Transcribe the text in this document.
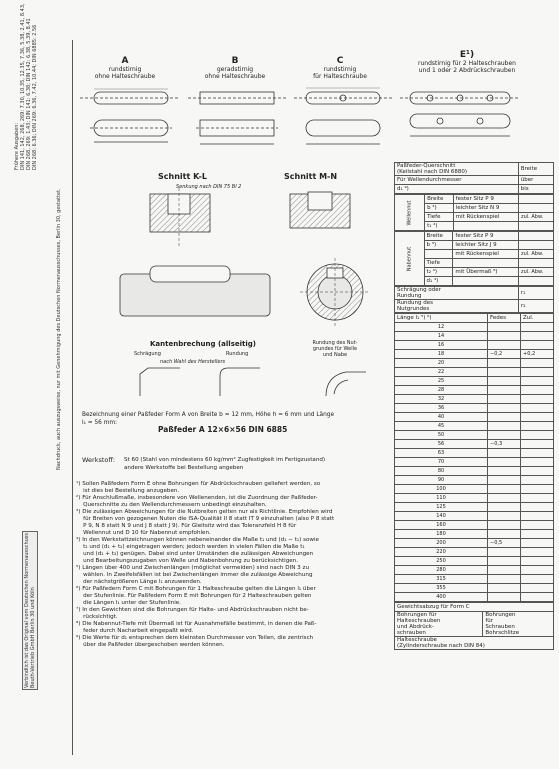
Frühere Ausgaben: DIN 141, 142, 268, 269: 7.30, 10.35, 12.35, 7.36, 5.38, 2.41, 8.43, DIN 268, 269: 1.43; DIN 141: 6.38; DIN 142: 6.38, 5.39, 8.41 DIN 268: 6.36; DIN 269: 6.36, 7.42, 10.44; DIN 6885: 2.56
Nachdruck, auch auszugsweise, nur mit Genehmigung des Deutschen Normenausschusses, Berlin 30, gestattet.
Verbindlich ist das Original vom Deutschen Normenausschuss Beuth-Vertrieb GmbH Berlin 30 und Köln
A
rundstirnig
ohne Halteschraube
B
geradstirnig
ohne Halteschraube
C
rundstirnig
für Halteschraube
E¹)
rundstirnig für 2 Halteschrauben
und 1 oder 2 Abdrückschrauben
Schnitt K-L
Senkung nach DIN 75 Bl 2
Schnitt M-N
Kantenbrechung (allseitig)
Schrägung	Rundung
nach Wahl des Herstellers
Rundung des Nut-
grundes für Welle
und Nabe
Bezeichnung einer Paßfeder Form A von Breite b = 12 mm, Höhe h = 6 mm und Länge
l₁ = 56 mm:
Paßfeder A 12×6×56 DIN 6885
Werkstoff: St 60 (Stahl von mindestens 60 kg/mm² Zugfestigkeit im Fertigzustand)
andere Werkstoffe bei Bestellung angeben
¹) Sollen Paßfedern Form E ohne Bohrungen für Abdrückschrauben geliefert werden, so
ist dies bei Bestellung anzugeben.
²) Für Anschlußmaße, insbesondere von Wellenenden, ist die Zuordnung der Paßfeder-
Querschnitte zu den Wellendurchmessern unbedingt einzuhalten.
³) Die zulässigen Abweichungen für die Nutbreiten gelten nur als Richtlinie. Empfohlen wird
für Breiten von gezogenen Nuten die ISA-Qualität II 8 statt IT 9 einzuhalten (also P 8 statt
P 9, N 8 statt N 9 und J 8 statt J 9). Für Gleitsitz wird das Toleranzfeld H 8 für
Wellennut und D 10 für Nabennut empfohlen.
⁴) In den Werkstattzeichnungen können nebeneinander die Maße t₁ und (d₁ − t₁) sowie
t₂ und (d₁ + t₂) eingetragen werden; jedoch werden in vielen Fällen die Maße t₁
und (d₁ + t₂) genügen. Dabei sind unter Umständen die zulässigen Abweichungen
und Bearbeitungszugaben von Welle und Nabenbohrung zu berücksichtigen.
⁵) Längen über 400 und Zwischenlängen (möglichst vermeiden) sind nach DIN 3 zu
wählen. In Zweifelsfällen ist bei Zwischenlängen immer die zulässige Abweichung
der nächstgrößeren Länge l₁ anzuwenden.
⁶) Für Paßfedern Form C mit Bohrungen für 1 Halteschraube gelten die Längen l₁ über
der Stufenlinie. Für Paßfedern Form E mit Bohrungen für 2 Halteschrauben gelten
die Längen l₁ unter der Stufenlinie.
⁷) In den Gewichten sind die Bohrungen für Halte- und Abdrückschrauben nicht be-
rücksichtigt.
⁸) Die Nabennut-Tiefe mit Übermaß ist für Ausnahmefälle bestimmt, in denen die Paß-
feder durch Nacharbeit eingepaßt wird.
⁹) Die Werte für d₁ entsprechen dem kleinsten Durchmesser von Teilen, die zentrisch
über die Paßfeder übergeschoben werden können.
Paßfeder-Querschnitt
(Keilstahl nach DIN 6880)	Breite
Für Wellendurchmesser	über
d₁ ⁹)	bis
Wellennut	Breite	fester Sitz P 9	
	b ³)	leichter Sitz N 9	
	Tiefe	mit Rückenspiel	zul. Abw.
	t₁ ⁴)		
Nabennut	Breite	fester Sitz P 9	
	b ³)	leichter Sitz J 9	
		mit Rückenspiel	zul. Abw.
	Tiefe		
	t₂ ⁴)	mit Übermaß ⁸)	zul. Abw.
	d₁ ⁴)		
Schrägung oder
Rundung	r₁
Rundung des
Nutgrundes	r₂
Länge l₁ ⁵) ⁶)	Fedes	Zul.
12		
14		
16		
18	−0,2	+0,2
20		
22		
25		
28		
32		
36		
40		
45		
50		
56	−0,3	
63		
70		
80		
90		
100		
110		
125		
140		
160		
180		
200	−0,5	
220		
250		
280		
315		
355		
400		
Gewichtsabzug für Form C
Bohrungen für
Halteschrauben
und Abdrück-
schrauben	Bohrungen
für
Schrauben
Bohrschlitze
Halteschraube
(Zylinderschraube nach DIN 84)
